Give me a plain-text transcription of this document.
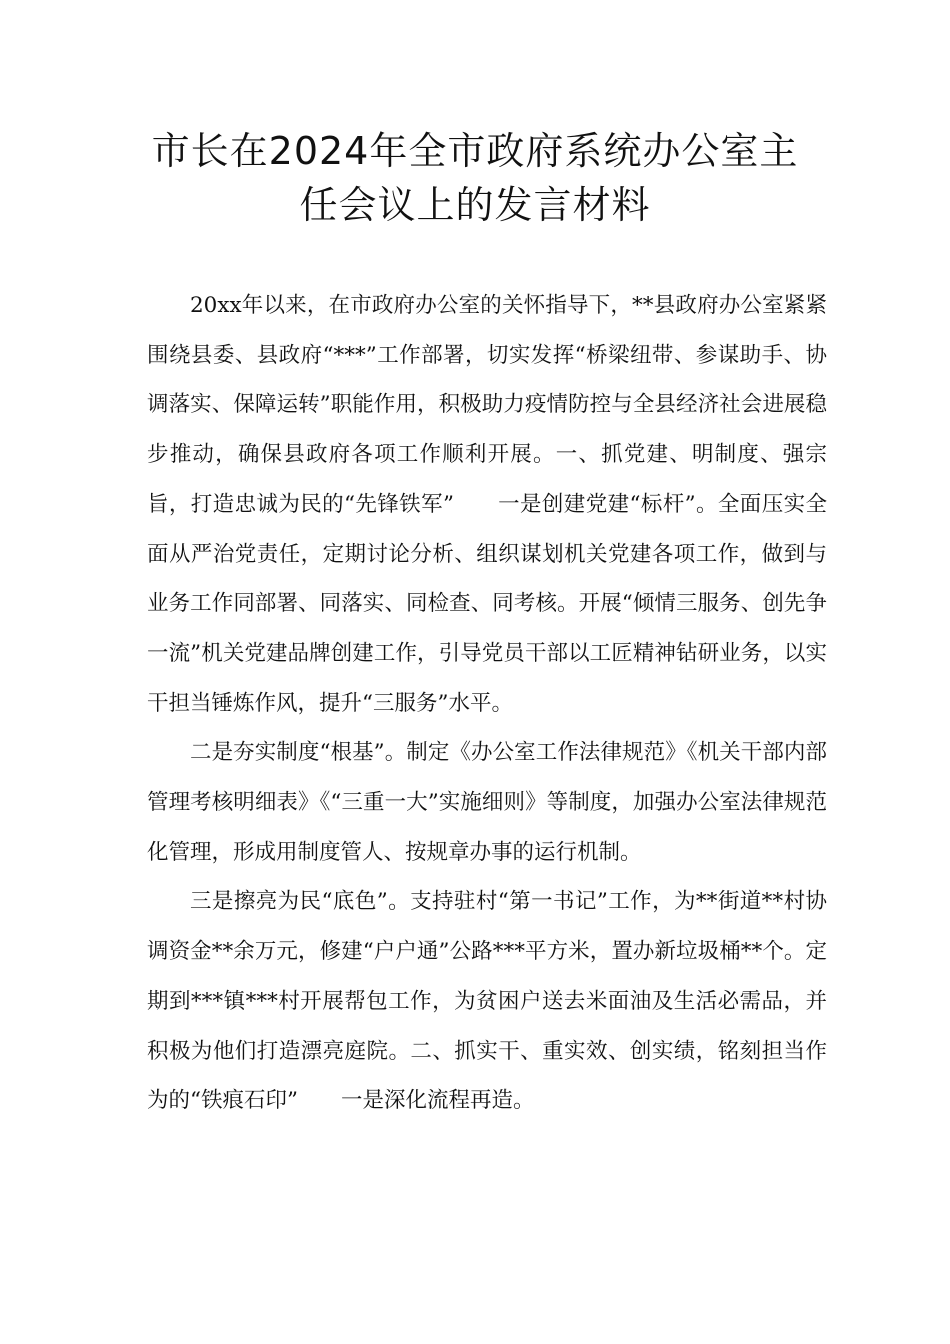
市长在2024年全市政府系统办公室主
任会议上的发言材料

20xx年以来，在市政府办公室的关怀指导下，**县政府办公室紧紧围绕县委、县政府“***”工作部署，切实发挥“桥梁纽带、参谋助手、协调落实、保障运转”职能作用，积极助力疫情防控与全县经济社会进展稳步推动，确保县政府各项工作顺利开展。一、抓党建、明制度、强宗旨，打造忠诚为民的“先锋铁军”　　一是创建党建“标杆”。全面压实全面从严治党责任，定期讨论分析、组织谋划机关党建各项工作，做到与业务工作同部署、同落实、同检查、同考核。开展“倾情三服务、创先争一流”机关党建品牌创建工作，引导党员干部以工匠精神钻研业务，以实干担当锤炼作风，提升“三服务”水平。

二是夯实制度“根基”。制定《办公室工作法律规范》《机关干部内部管理考核明细表》《“三重一大”实施细则》等制度，加强办公室法律规范化管理，形成用制度管人、按规章办事的运行机制。

三是擦亮为民“底色”。支持驻村“第一书记”工作，为**街道**村协调资金**余万元，修建“户户通”公路***平方米，置办新垃圾桶**个。定期到***镇***村开展帮包工作，为贫困户送去米面油及生活必需品，并积极为他们打造漂亮庭院。二、抓实干、重实效、创实绩，铭刻担当作为的“铁痕石印”　　一是深化流程再造。
